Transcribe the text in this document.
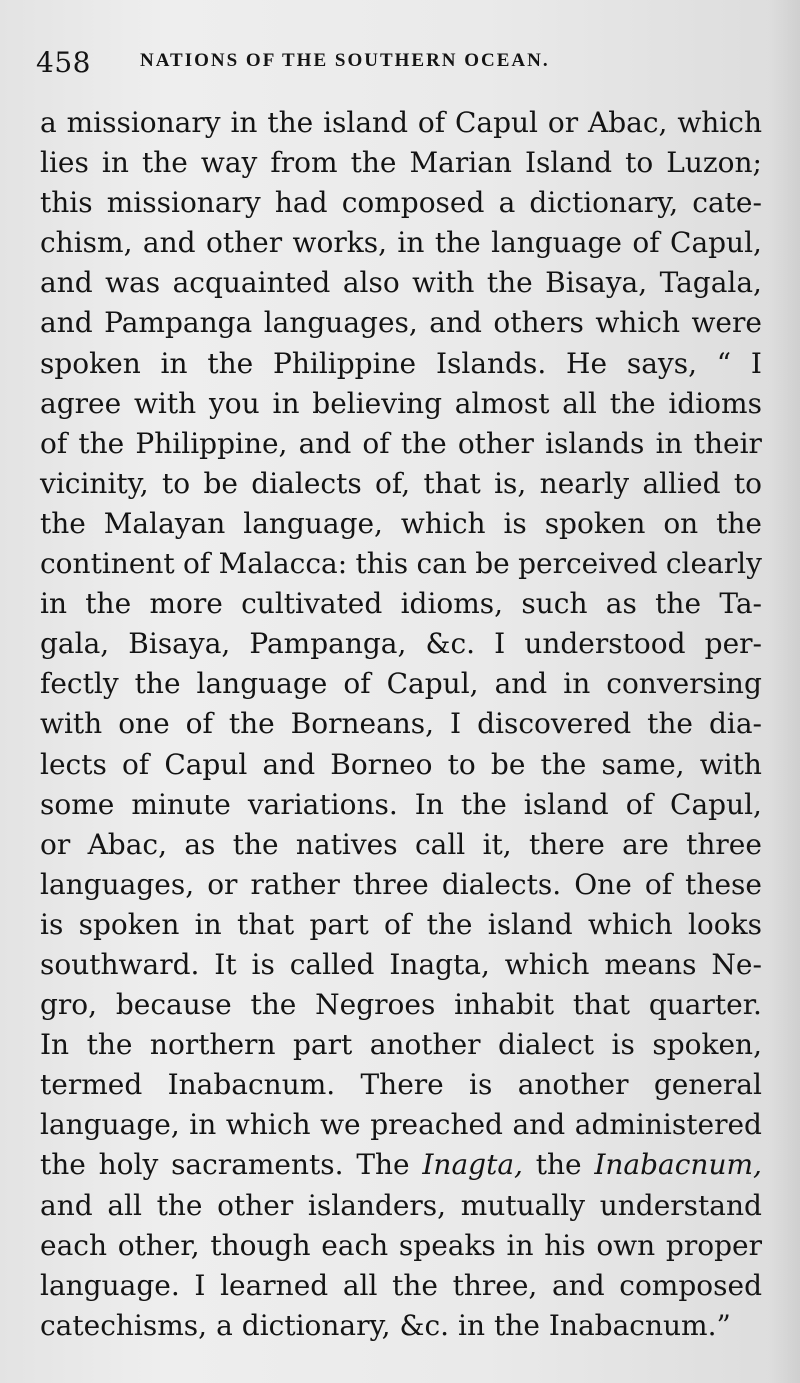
458	NATIONS OF THE SOUTHERN OCEAN.
a missionary in the island of Capul or Abac, which
lies in the way from the Marian Island to Luzon;
this missionary had composed a dictionary, cate-
chism, and other works, in the language of Capul,
and was acquainted also with the Bisaya, Tagala,
and Pampanga languages, and others which were
spoken in the Philippine Islands. He says, “ I
agree with you in believing almost all the idioms
of the Philippine, and of the other islands in their
vicinity, to be dialects of, that is, nearly allied to
the Malayan language, which is spoken on the
continent of Malacca: this can be perceived clearly
in the more cultivated idioms, such as the Ta-
gala, Bisaya, Pampanga, &c. I understood per-
fectly the language of Capul, and in conversing
with one of the Borneans, I discovered the dia-
lects of Capul and Borneo to be the same, with
some minute variations. In the island of Capul,
or Abac, as the natives call it, there are three
languages, or rather three dialects. One of these
is spoken in that part of the island which looks
southward. It is called Inagta, which means Ne-
gro, because the Negroes inhabit that quarter.
In the northern part another dialect is spoken,
termed Inabacnum. There is another general
language, in which we preached and administered
the holy sacraments. The Inagta, the Inabacnum,
and all the other islanders, mutually understand
each other, though each speaks in his own proper
language. I learned all the three, and composed
catechisms, a dictionary, &c. in the Inabacnum.”
